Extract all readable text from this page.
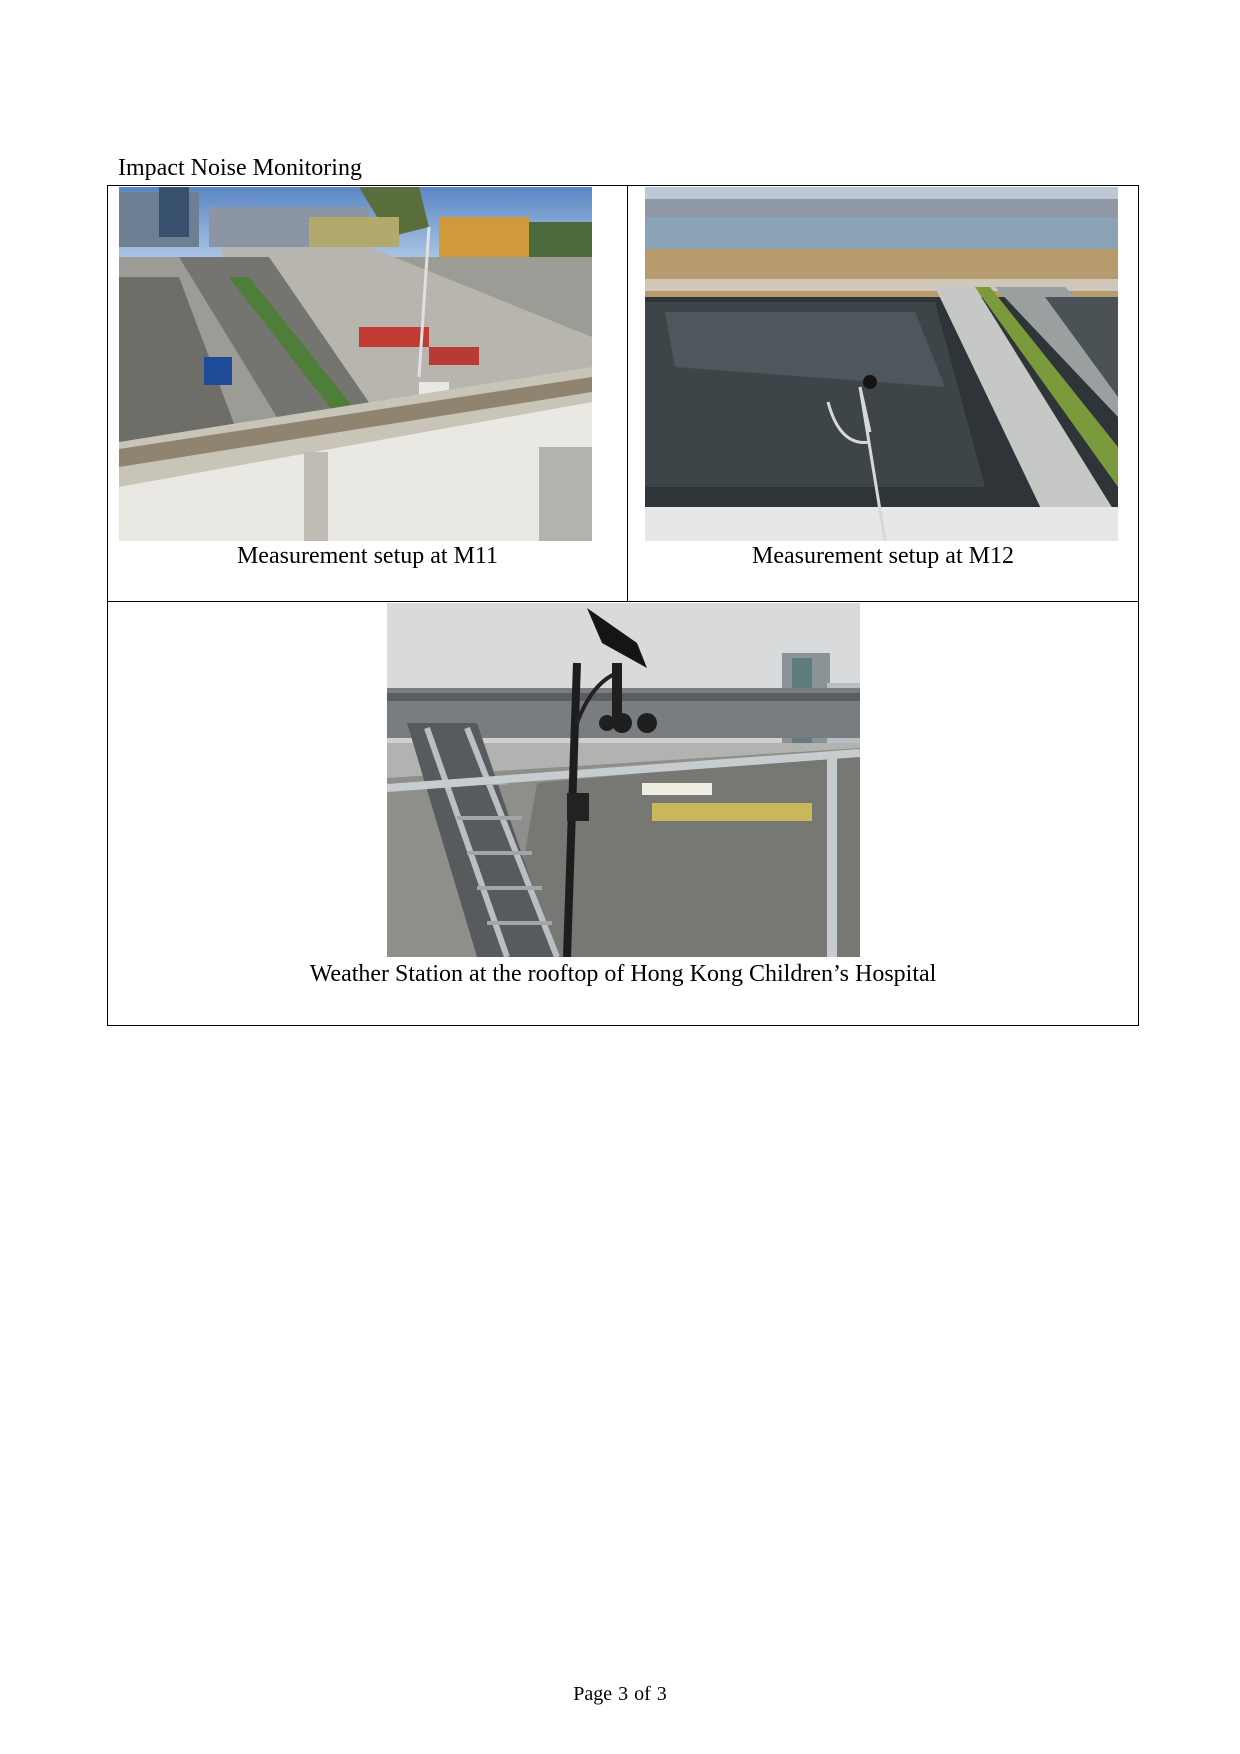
Impact Noise Monitoring
Measurement setup at M11	Measurement setup at M12

Weather Station at the rooftop of Hong Kong Children’s Hospital
Page 3 of 3
